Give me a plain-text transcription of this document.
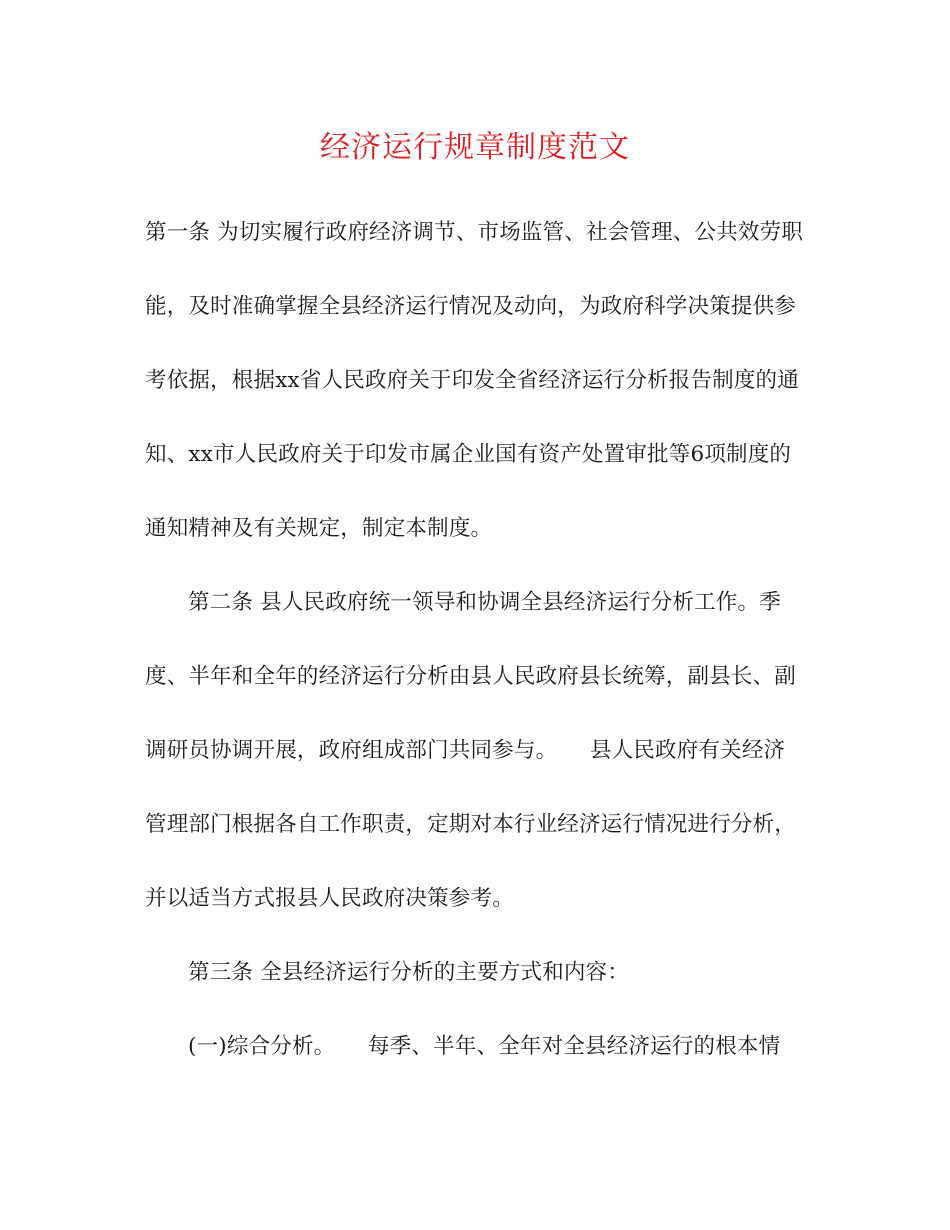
经济运行规章制度范文
第一条 为切实履行政府经济调节、市场监管、社会管理、公共效劳职
能，及时准确掌握全县经济运行情况及动向，为政府科学决策提供参
考依据，根据xx省人民政府关于印发全省经济运行分析报告制度的通
知、xx市人民政府关于印发市属企业国有资产处置审批等6项制度的
通知精神及有关规定，制定本制度。
第二条 县人民政府统一领导和协调全县经济运行分析工作。季
度、半年和全年的经济运行分析由县人民政府县长统筹，副县长、副
调研员协调开展，政府组成部门共同参与。　　县人民政府有关经济
管理部门根据各自工作职责，定期对本行业经济运行情况进行分析，
并以适当方式报县人民政府决策参考。
第三条 全县经济运行分析的主要方式和内容：
(一)综合分析。　　每季、半年、全年对全县经济运行的根本情
